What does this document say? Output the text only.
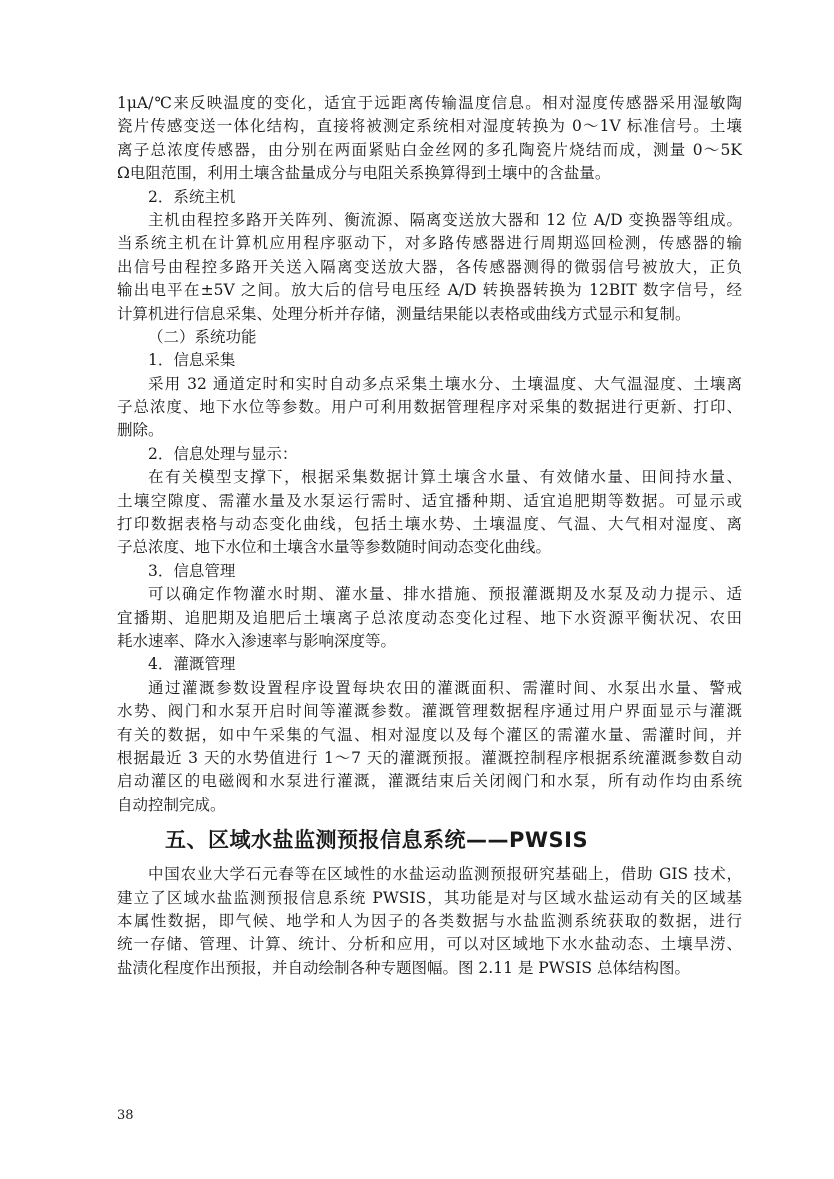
1μA/℃来反映温度的变化，适宜于远距离传输温度信息。相对湿度传感器采用湿敏陶
瓷片传感变送一体化结构，直接将被测定系统相对湿度转换为 0～1V 标准信号。土壤
离子总浓度传感器，由分别在两面紧贴白金丝网的多孔陶瓷片烧结而成，测量 0～5K
Ω电阻范围，利用土壤含盐量成分与电阻关系换算得到土壤中的含盐量。
2．系统主机
主机由程控多路开关阵列、衡流源、隔离变送放大器和 12 位 A/D 变换器等组成。
当系统主机在计算机应用程序驱动下，对多路传感器进行周期巡回检测，传感器的输
出信号由程控多路开关送入隔离变送放大器，各传感器测得的微弱信号被放大，正负
输出电平在±5V 之间。放大后的信号电压经 A/D 转换器转换为 12BIT 数字信号，经
计算机进行信息采集、处理分析并存储，测量结果能以表格或曲线方式显示和复制。
（二）系统功能
1．信息采集
采用 32 通道定时和实时自动多点采集土壤水分、土壤温度、大气温湿度、土壤离
子总浓度、地下水位等参数。用户可利用数据管理程序对采集的数据进行更新、打印、
删除。
2．信息处理与显示：
在有关模型支撑下，根据采集数据计算土壤含水量、有效储水量、田间持水量、
土壤空隙度、需灌水量及水泵运行需时、适宜播种期、适宜追肥期等数据。可显示或
打印数据表格与动态变化曲线，包括土壤水势、土壤温度、气温、大气相对湿度、离
子总浓度、地下水位和土壤含水量等参数随时间动态变化曲线。
3．信息管理
可以确定作物灌水时期、灌水量、排水措施、预报灌溉期及水泵及动力提示、适
宜播期、追肥期及追肥后土壤离子总浓度动态变化过程、地下水资源平衡状况、农田
耗水速率、降水入渗速率与影响深度等。
4．灌溉管理
通过灌溉参数设置程序设置每块农田的灌溉面积、需灌时间、水泵出水量、警戒
水势、阀门和水泵开启时间等灌溉参数。灌溉管理数据程序通过用户界面显示与灌溉
有关的数据，如中午采集的气温、相对湿度以及每个灌区的需灌水量、需灌时间，并
根据最近 3 天的水势值进行 1～7 天的灌溉预报。灌溉控制程序根据系统灌溉参数自动
启动灌区的电磁阀和水泵进行灌溉，灌溉结束后关闭阀门和水泵，所有动作均由系统
自动控制完成。
五、区域水盐监测预报信息系统——PWSIS
中国农业大学石元春等在区域性的水盐运动监测预报研究基础上，借助 GIS 技术，
建立了区域水盐监测预报信息系统 PWSIS，其功能是对与区域水盐运动有关的区域基
本属性数据，即气候、地学和人为因子的各类数据与水盐监测系统获取的数据，进行
统一存储、管理、计算、统计、分析和应用，可以对区域地下水水盐动态、土壤旱涝、
盐渍化程度作出预报，并自动绘制各种专题图幅。图 2.11 是 PWSIS 总体结构图。
38
